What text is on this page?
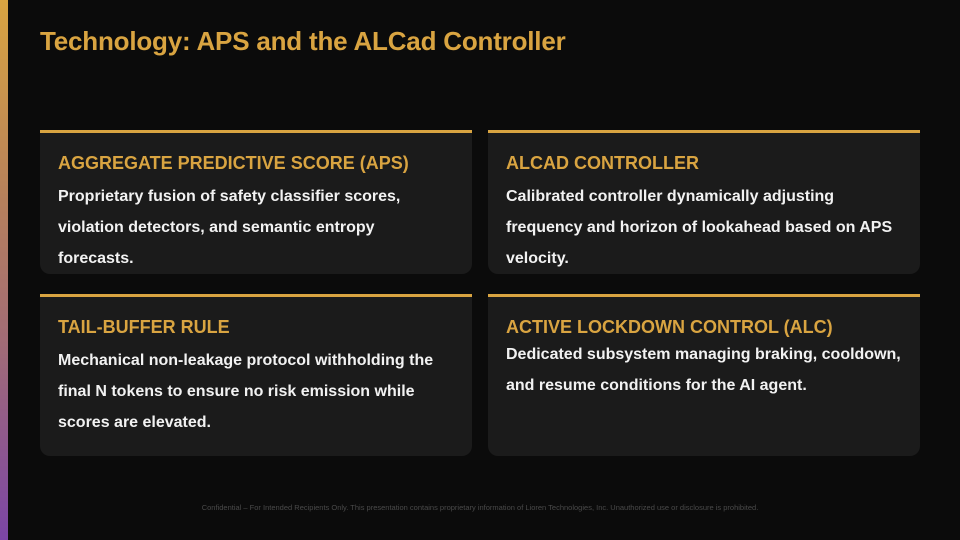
Technology: APS and the ALCad Controller
AGGREGATE PREDICTIVE SCORE (APS)

Proprietary fusion of safety classifier scores, violation detectors, and semantic entropy forecasts.

ALCAD CONTROLLER

Calibrated controller dynamically adjusting frequency and horizon of lookahead based on APS velocity.

TAIL-BUFFER RULE

Mechanical non-leakage protocol withholding the final N tokens to ensure no risk emission while scores are elevated.

ACTIVE LOCKDOWN CONTROL (ALC)

Dedicated subsystem managing braking, cooldown, and resume conditions for the AI agent.

Confidential – For Intended Recipients Only. This presentation contains proprietary information of Lioren Technologies, Inc. Unauthorized use or disclosure is prohibited.
